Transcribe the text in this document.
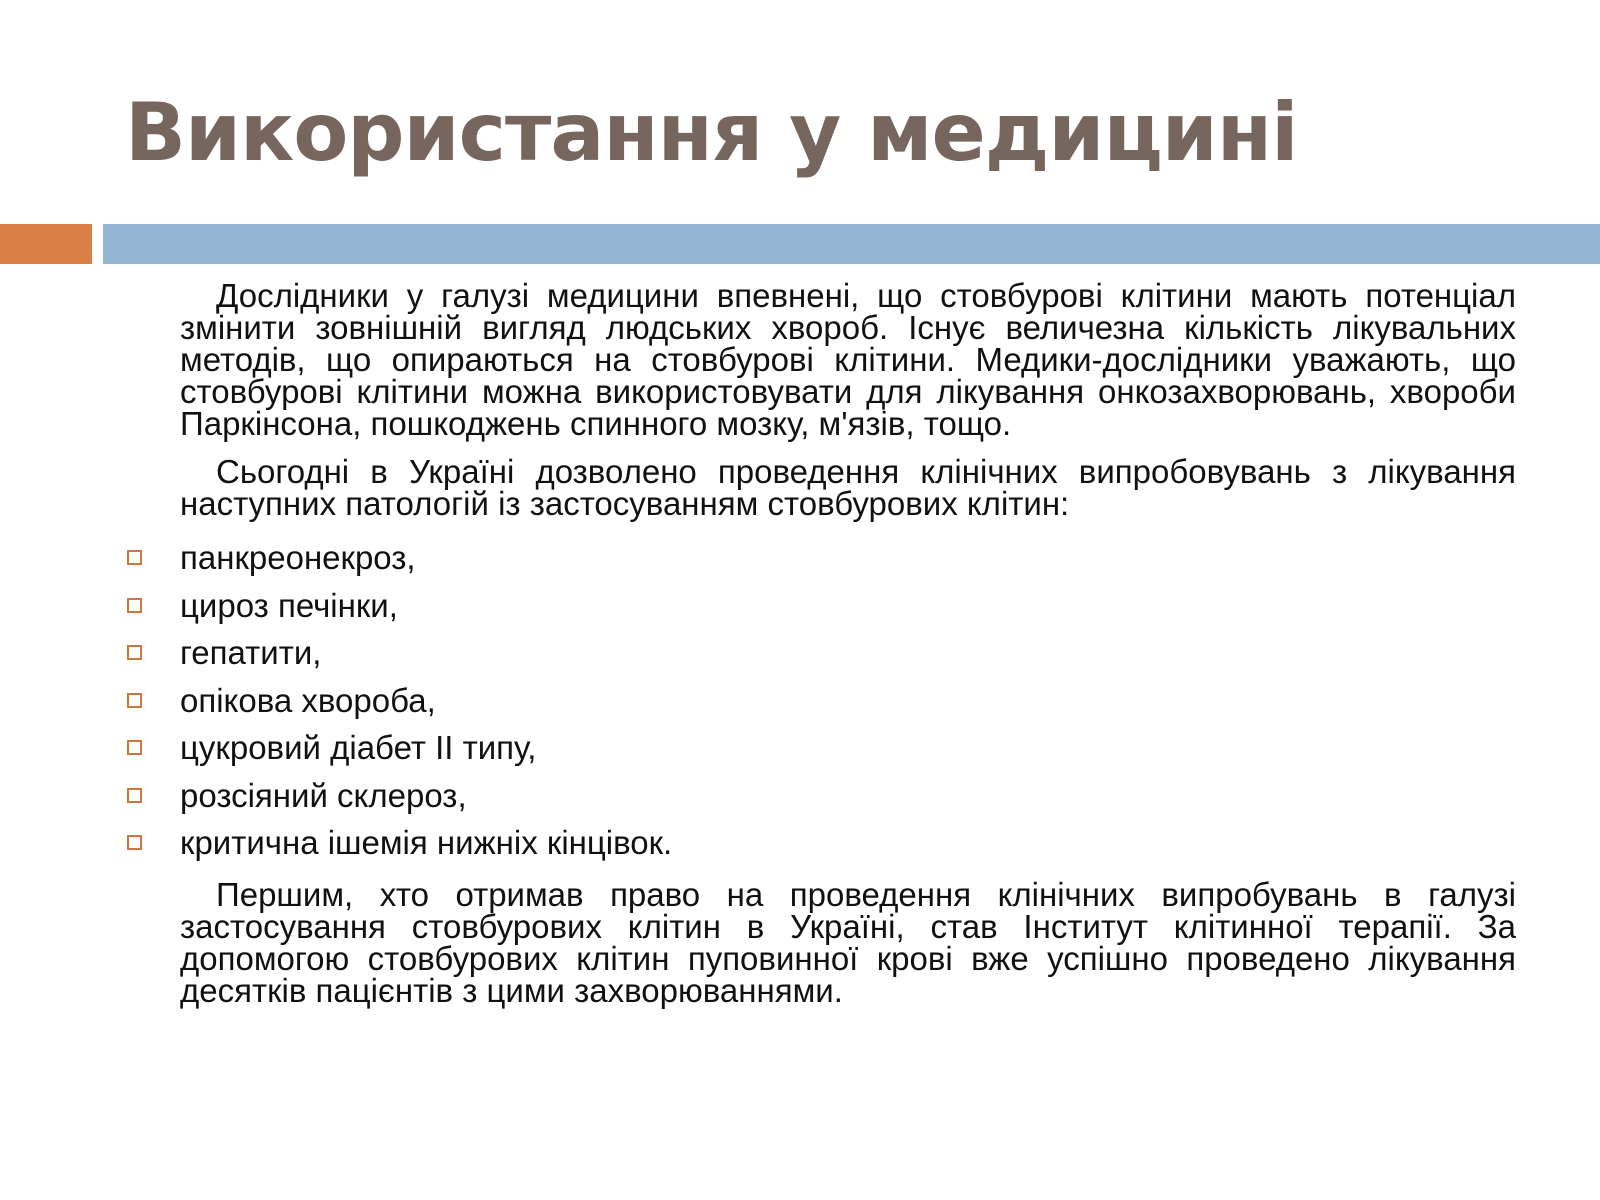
Використання у медицині

Дослідники у галузі медицини впевнені, що стовбурові клітини мають потенціал змінити зовнішній вигляд людських хвороб. Існує величезна кількість лікувальних методів, що опираються на стовбурові клітини. Медики-дослідники уважають, що стовбурові клітини можна використовувати для лікування онкозахворювань, хвороби Паркінсона, пошкоджень спинного мозку, м'язів, тощо.

Сьогодні в Україні дозволено проведення клінічних випробовувань з лікування наступних патологій із застосуванням стовбурових клітин:

панкреонекроз,
цироз печінки,
гепатити,
опікова хвороба,
цукровий діабет ІІ типу,
розсіяний склероз,
критична ішемія нижніх кінцівок.

Першим, хто отримав право на проведення клінічних випробувань в галузі застосування стовбурових клітин в Україні, став Інститут клітинної терапії. За допомогою стовбурових клітин пуповинної крові вже успішно проведено лікування десятків пацієнтів з цими захворюваннями.
